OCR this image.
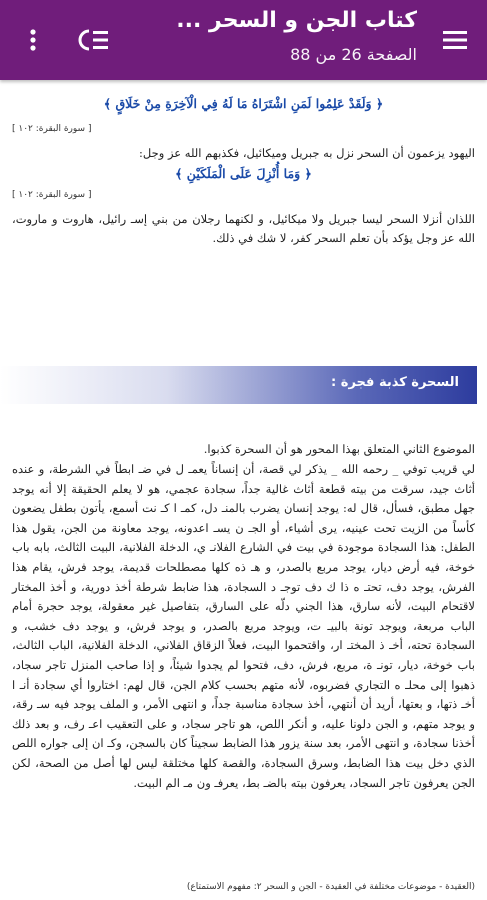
كتاب الجن و السحر ...
الصفحة 26 من 88
﴿ وَلَقَدْ عَلِمُوا لَمَنِ اشْتَرَاهُ مَا لَهُ فِي الْآخِرَةِ مِنْ خَلَاقٍ ﴾
[ سورة البقرة: ١٠٢ ]
اليهود يزعمون أن السحر نزل به جبريل وميكائيل، فكذبهم الله عز وجل:
﴿ وَمَا أُنْزِلَ عَلَى الْمَلَكَيْنِ ﴾
[ سورة البقرة: ١٠٢ ]
اللذان أنزلا السحر ليسا جبريل ولا ميكائيل، و لكنهما رجلان من بني إسـ رائيل، هاروت و ماروت، الله عز وجل يؤكد بأن تعلم السحر كفر، لا شك في ذلك.
السحرة كذبة فجرة :
الموضوع الثاني المتعلق بهذا المحور هو أن السحرة كذبوا.
لي قريب توفي _ رحمه الله _ يذكر لي قصة، أن إنساناً يعمـ ل في ضـ ابطاً في الشرطة، و عنده أثاث جيد، سرقت من بيته قطعة أثاث غالية جداً، سجادة عجمي، هو لا يعلم الحقيقة إلا أنه يوجد جهل مطبق، فسأل، قال له: يوجد إنسان يضرب بالمنـ دل، كمـ ا كـ نت أسمع، يأتون بطفل يضعون كأساً من الزيت تحت عينيه، يرى أشياء، أو الجـ ن يسـ اعدونه، يوجد معاونة من الجن، يقول هذا الطفل: هذا السجادة موجودة في بيت في الشارع الفلانـ ي، الدخلة الفلانية، البيت الثالث، بابه باب خوخة، فيه أرض ديار، يوجد مربع بالصدر، و هـ ذه كلها مصطلحات قديمة، يوجد فرش، يقام هذا الفرش، يوجد دف، تحتـ ه ذا ك دف توجـ د السجادة، هذا ضابط شرطة أخذ دورية، و أخذ المختار لاقتحام البيت، لأنه سارق، هذا الجني دلّه على السارق، بتفاصيل غير معقولة، يوجد حجرة أمام الباب مربعة، ويوجد تونة بالبيـ ت، ويوجد مربع بالصدر، و يوجد فرش، و يوجد دف خشب، و السجادة تحته، أخـ ذ المختـ ار، واقتحموا البيت، فعلاً الزقاق الفلاني، الدخلة الفلانية، الباب الثالث، باب خوخة، ديار، تونـ ة، مربع، فرش، دف، فتحوا لم يجدوا شيئاً، و إذا صاحب المنزل تاجر سجاد، ذهبوا إلى محلـ ه التجاري فضربوه، لأنه متهم بحسب كلام الجن، قال لهم: اختاروا أي سجادة أنـ ا أخـ ذتها، و بعتها، أريد أن أنتهي، أخذ سجادة مناسبة جداً، و انتهى الأمر، و الملف يوجد فيه سـ رقة، و يوجد متهم، و الجن دلونا عليه، و أنكر اللص، هو تاجر سجاد، و على التعقيب اعـ رف، و بعد ذلك أخذنا سجادة، و انتهى الأمر، بعد سنة يزور هذا الضابط سجيناً كان بالسجن، وكـ ان إلى جواره اللص الذي دخل بيت هذا الضابط، وسرق السجادة، والقصة كلها مختلقة ليس لها أصل من الصحة، لكن الجن يعرفون تاجر السجاد، يعرفون بيته بالضـ بط، يعرفـ ون مـ الم البيت.
(العقيدة - موضوعات مختلفة في العقيدة - الجن و السحر ٢: مفهوم الاستمتاع)
